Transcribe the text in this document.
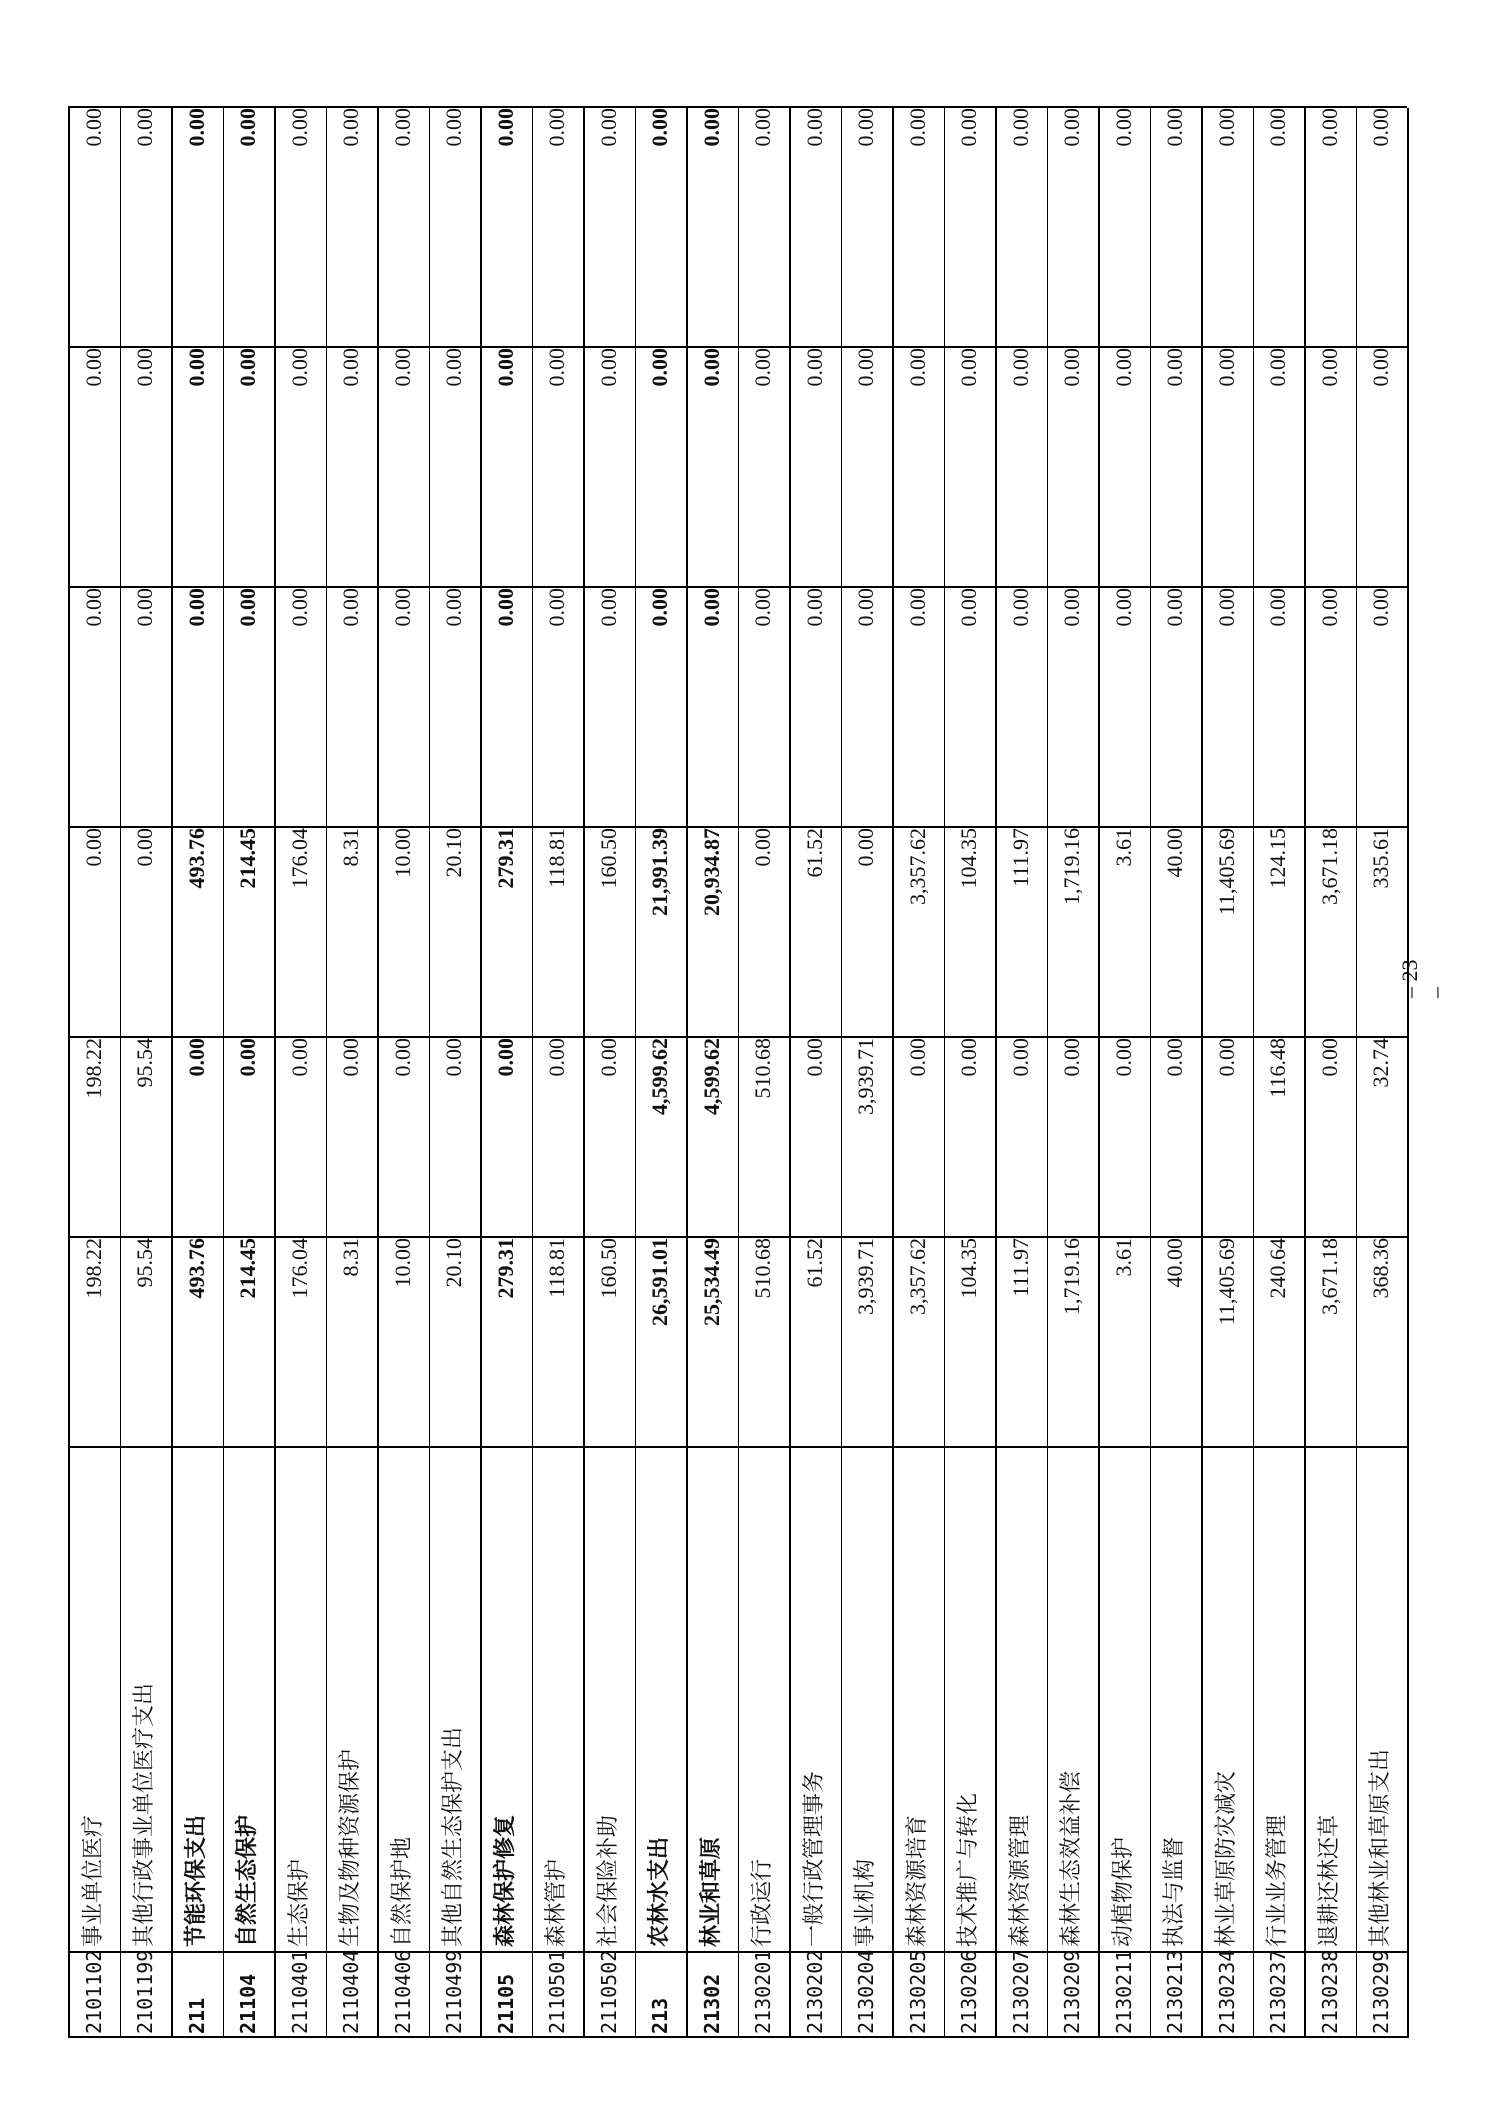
2101102
事业单位医疗
198.22
198.22
0.00
0.00
0.00
0.00
2101199
其他行政事业单位医疗支出
95.54
95.54
0.00
0.00
0.00
0.00
211
节能环保支出
493.76
0.00
493.76
0.00
0.00
0.00
21104
自然生态保护
214.45
0.00
214.45
0.00
0.00
0.00
2110401
生态保护
176.04
0.00
176.04
0.00
0.00
0.00
2110404
生物及物种资源保护
8.31
0.00
8.31
0.00
0.00
0.00
2110406
自然保护地
10.00
0.00
10.00
0.00
0.00
0.00
2110499
其他自然生态保护支出
20.10
0.00
20.10
0.00
0.00
0.00
21105
森林保护修复
279.31
0.00
279.31
0.00
0.00
0.00
2110501
森林管护
118.81
0.00
118.81
0.00
0.00
0.00
2110502
社会保险补助
160.50
0.00
160.50
0.00
0.00
0.00
213
农林水支出
26,591.01
4,599.62
21,991.39
0.00
0.00
0.00
21302
林业和草原
25,534.49
4,599.62
20,934.87
0.00
0.00
0.00
2130201
行政运行
510.68
510.68
0.00
0.00
0.00
0.00
2130202
一般行政管理事务
61.52
0.00
61.52
0.00
0.00
0.00
2130204
事业机构
3,939.71
3,939.71
0.00
0.00
0.00
0.00
2130205
森林资源培育
3,357.62
0.00
3,357.62
0.00
0.00
0.00
2130206
技术推广与转化
104.35
0.00
104.35
0.00
0.00
0.00
2130207
森林资源管理
111.97
0.00
111.97
0.00
0.00
0.00
2130209
森林生态效益补偿
1,719.16
0.00
1,719.16
0.00
0.00
0.00
2130211
动植物保护
3.61
0.00
3.61
0.00
0.00
0.00
2130213
执法与监督
40.00
0.00
40.00
0.00
0.00
0.00
2130234
林业草原防灾减灾
11,405.69
0.00
11,405.69
0.00
0.00
0.00
2130237
行业业务管理
240.64
116.48
124.15
0.00
0.00
0.00
2130238
退耕还林还草
3,671.18
0.00
3,671.18
0.00
0.00
0.00
2130299
其他林业和草原支出
368.36
32.74
335.61
0.00
0.00
0.00
– 23 –
